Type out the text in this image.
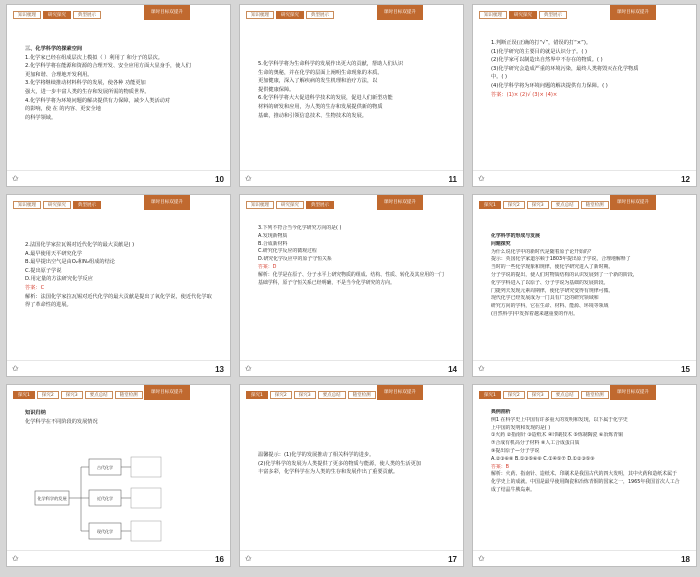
知识梳理	研究探究	典型展示
课时目标双提升
三、化学科学的探索空间
1.化学家已经在组成层次上模拟（ ）利用了 和分子的层次。
2.化学科学将在能源和资源的合理开发、安全应用方面大显身手，使人们
更加和谐、合理地开发利用。
3.化学将继续推动材料科学的发展，使各种 功能更加
强大，进一步丰富人类的生存和发展所需的物质世界。
4.化学科学将为环境问题的解决提供有力保障，减少人类活动对
的影响，使 在 的内容、更安全地
的科学领域。
✩	10
知识梳理	研究探究	典型展示
课时目标双提升
5.化学科学将为生命科学的发展作出更大的贡献，帮助人们认识
生命的奥秘，并在化学的层面上阐明生命现象的本质。
更加健康，深入了解疾病的发生机理和治疗方法，以
提供健康保障。
6.化学科学将大大促进科学技术的发展，促进人们新型功能
材料的研发和应用，为人类的生存和发展提供新的物质
基础，推动和引领信息技术、生物技术的发展。
✩	11
知识梳理	研究探究	典型展示
课时目标双提升
1.判断正误(正确的打“√”，错误的打“×”)。
(1)化学研究的主要目的就是认识分子。( )
(2)化学家可以制造出自然界中不存在的物质。( )
(3)化学研究会造成严重的环境污染，最终人类将毁灭在化学物质
中。( )
(4)化学科学将为环境问题的解决提供有力保障。( )
答案：(1)× (2)√ (3)× (4)×
✩	12
知识梳理	研究探究	典型展示
课时目标双提升
2.法国化学家拉瓦锡对近代化学的最大贡献是( )
A.最早使用天平研究化学
B.最早提出空气是由O₂和N₂组成的结论
C.提出原子学说
D.用定量的方法研究化学反应
答案：C
解析：法国化学家拉瓦锡对近代化学的最大贡献是提出了氧化学说，使近代化学取得了革命性的进展。
✩	13
知识梳理	研究探究	典型展示
课时目标双提升
3.下列不符合当今化学研究方向的是( )
A.发现新物质
B.合成新材料
C.研究化学反应的微观过程
D.研究化学反应中的原子守恒关系
答案：D
解析：化学是在原子、分子水平上研究物质的组成、结构、性质、转化及其应用的一门基础学科，原子守恒关系已经明确，不是当今化学研究的方向。
✩	14
探究1	探究2	探究3	要点总结	随堂检测
课时目标双提升
化学科学的形成与发展
问题探究
为什么说化学中的新时代是随着原子论开始的？
提示：英国化学家道尔顿于1803年提出原子学说，合理地解释了
当时的一些化学现象和规律，使化学研究进入了新时期。
分子学说的提出，使人们对物质结构的认识发展到了一个新的阶段，
化学学科进入了以原子、分子学说为基础的发展阶段。
门捷列夫发现元素周期律，使化学研究变得有规律可循。
现代化学已经发展成为一门具有广泛的研究领域和
研究方向的学科，它在生命、材料、能源、环境等领域
(自然科学)中发挥着越来越重要的作用。
✩	15
探究1	探究2	探究3	要点总结	随堂检测
课时目标双提升
知识归纳
化学科学在不同阶段的发展情况
化学科学的发展
古代化学
近代化学
现代化学
✩	16
探究1	探究2	探究3	要点总结	随堂检测
课时目标双提升
温馨提示：(1)化学的发展推动了相关科学的进步。
(2)化学科学的发展为人类提供了更多的物质与能源，使人类的生活更加
丰富多彩，化学科学在为人类的生存和发展作出了重要贡献。
✩	17
探究1	探究2	探究3	要点总结	随堂检测
课时目标双提升
典例剖析
例1 在科学史上中国有许多重大的发明和发现，以下属于化学史
上中国的发明和发现的是( )
①火药 ②指南针 ③造纸术 ④印刷技术 ⑤炼制陶瓷 ⑥冶炼青铜
⑦合成有机高分子材料 ⑧人工合成蛋白质
⑨提出原子—分子学说
A.②③⑥⑧ B.①③⑤⑥⑧ C.①④⑤⑦ D.①②③⑤⑨
答案：B
解析：火药、指南针、造纸术、印刷术是我国古代的四大发明，其中火药和造纸术属于化学史上的成就。中国是最早使用陶瓷和冶炼青铜的国家之一，1965年我国首次人工合成了结晶牛胰岛素。
✩	18
